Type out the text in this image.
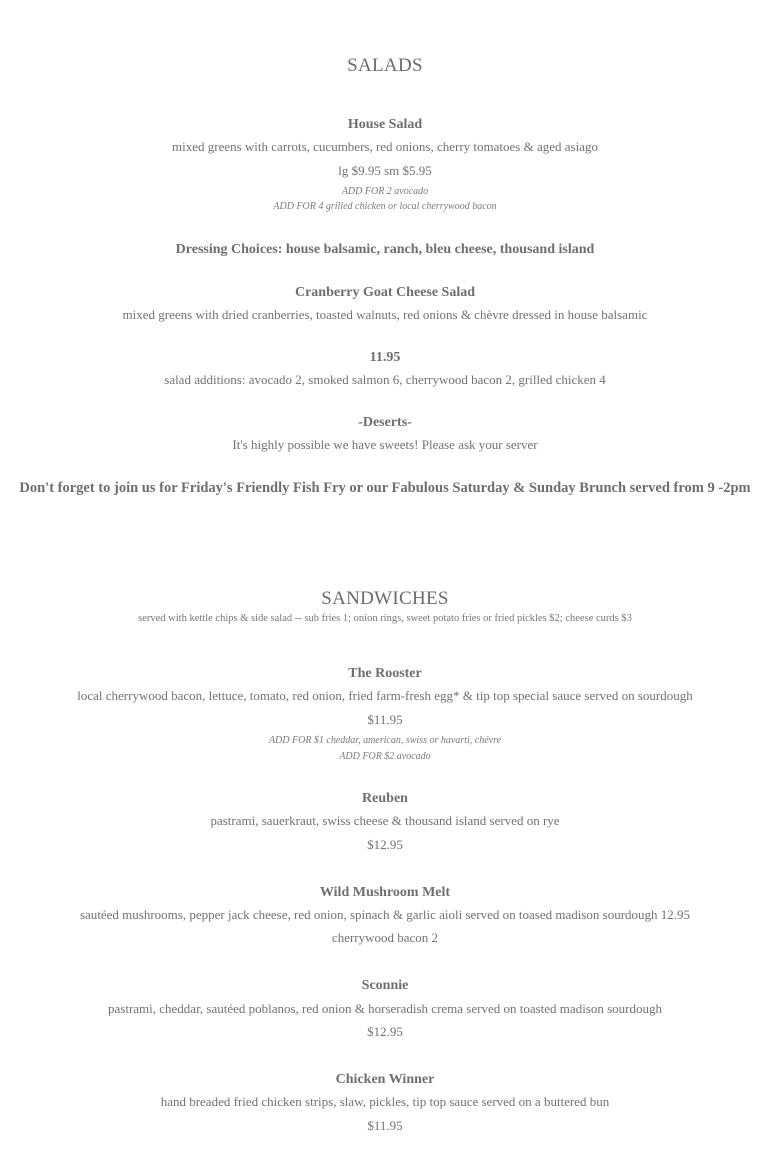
SALADS
House Salad
mixed greens with carrots, cucumbers, red onions, cherry tomatoes & aged asiago
lg $9.95 sm $5.95
ADD FOR 2 avocado
ADD FOR 4 grilled chicken or local cherrywood bacon
Dressing Choices: house balsamic, ranch, bleu cheese, thousand island
Cranberry Goat Cheese Salad
mixed greens with dried cranberries, toasted walnuts, red onions & chèvre dressed in house balsamic
11.95
salad additions: avocado 2, smoked salmon 6, cherrywood bacon 2, grilled chicken 4
-Deserts-
It's highly possible we have sweets! Please ask your server
Don't forget to join us for Friday's Friendly Fish Fry or our Fabulous Saturday & Sunday Brunch served from 9 -2pm
SANDWICHES
served with kettle chips & side salad -- sub fries 1; onion rings, sweet potato fries or fried pickles $2; cheese curds $3
The Rooster
local cherrywood bacon, lettuce, tomato, red onion, fried farm-fresh egg* & tip top special sauce served on sourdough
$11.95
ADD FOR $1 cheddar, american, swiss or havarti, chévre
ADD FOR $2 avocado
Reuben
pastrami, sauerkraut, swiss cheese & thousand island served on rye
$12.95
Wild Mushroom Melt
sautéed mushrooms, pepper jack cheese, red onion, spinach & garlic aioli served on toased madison sourdough 12.95
cherrywood bacon 2
Sconnie
pastrami, cheddar, sautéed poblanos, red onion & horseradish crema served on toasted madison sourdough
$12.95
Chicken Winner
hand breaded fried chicken strips, slaw, pickles, tip top sauce served on a buttered bun
$11.95
